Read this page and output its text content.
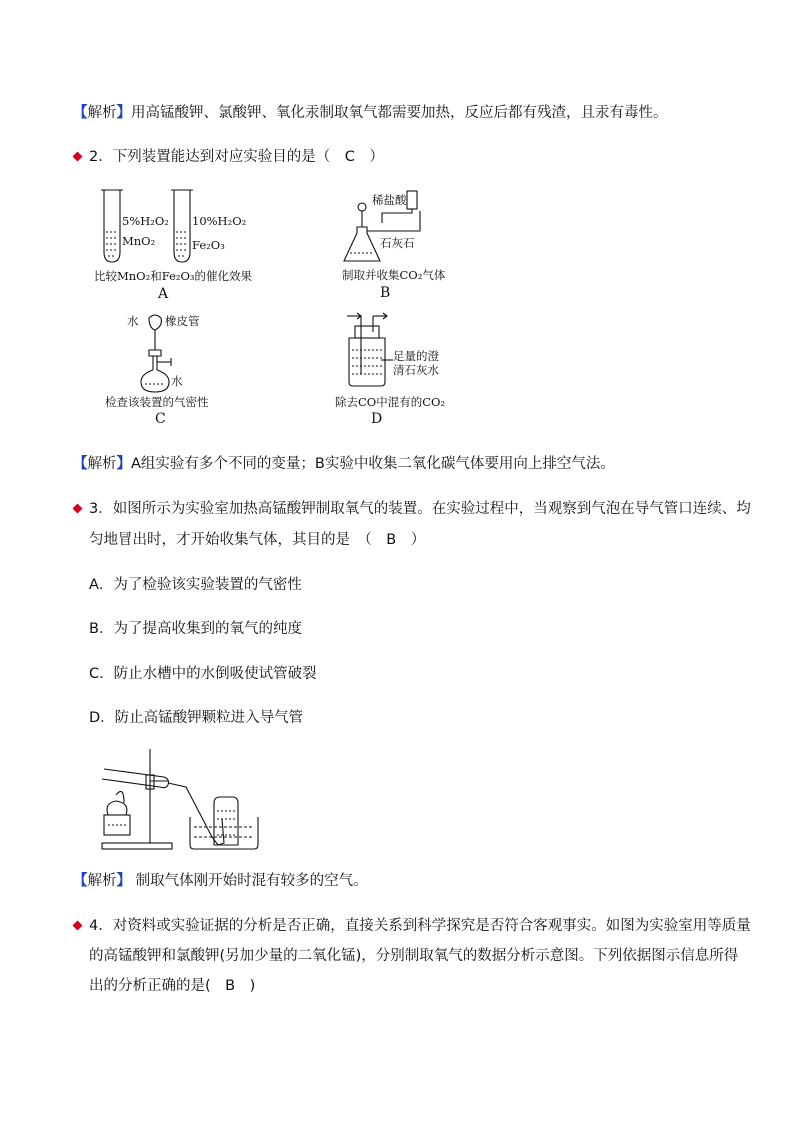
【解析】用高锰酸钾、氯酸钾、氧化汞制取氧气都需要加热，反应后都有残渣，且汞有毒性。
2．下列装置能达到对应实验目的是（　C　）
5%H₂O₂
MnO₂
10%H₂O₂
Fe₂O₃
比较MnO₂和Fe₂O₃的催化效果
A
稀盐酸
石灰石
制取并收集CO₂气体
B
水 橡皮管
水
检查该装置的气密性
C
足量的澄
清石灰水
除去CO中混有的CO₂
D
【解析】A组实验有多个不同的变量；B实验中收集二氧化碳气体要用向上排空气法。
3．如图所示为实验室加热高锰酸钾制取氧气的装置。在实验过程中，当观察到气泡在导气管口连续、均
匀地冒出时，才开始收集气体，其目的是　（　B　）
A．为了检验该实验装置的气密性
B．为了提高收集到的氧气的纯度
C．防止水槽中的水倒吸使试管破裂
D．防止高锰酸钾颗粒进入导气管
【解析】 制取气体刚开始时混有较多的空气。
4．对资料或实验证据的分析是否正确，直接关系到科学探究是否符合客观事实。如图为实验室用等质量
的高锰酸钾和氯酸钾(另加少量的二氧化锰)，分别制取氧气的数据分析示意图。下列依据图示信息所得
出的分析正确的是(　B　)
